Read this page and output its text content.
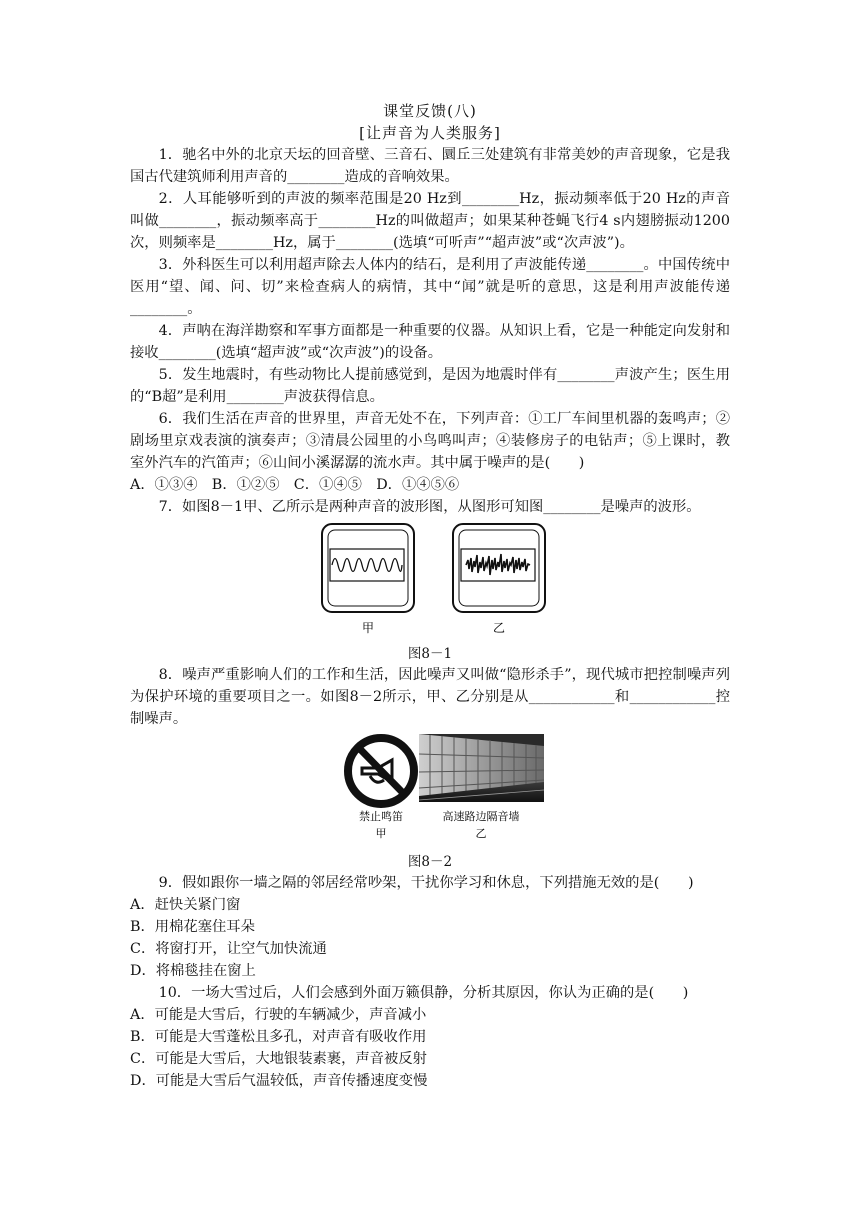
课堂反馈(八)
[让声音为人类服务]

1．驰名中外的北京天坛的回音壁、三音石、圜丘三处建筑有非常美妙的声音现象，它是我国古代建筑师利用声音的________造成的音响效果。

2．人耳能够听到的声波的频率范围是20 Hz到________Hz，振动频率低于20 Hz的声音叫做________，振动频率高于________Hz的叫做超声；如果某种苍蝇飞行4 s内翅膀振动1200次，则频率是________Hz，属于________(选填“可听声”“超声波”或“次声波”)。

3．外科医生可以利用超声除去人体内的结石，是利用了声波能传递________。中国传统中医用“望、闻、问、切”来检查病人的病情，其中“闻”就是听的意思，这是利用声波能传递________。

4．声呐在海洋勘察和军事方面都是一种重要的仪器。从知识上看，它是一种能定向发射和接收________(选填“超声波”或“次声波”)的设备。

5．发生地震时，有些动物比人提前感觉到，是因为地震时伴有________声波产生；医生用的“B超”是利用________声波获得信息。

6．我们生活在声音的世界里，声音无处不在，下列声音：①工厂车间里机器的轰鸣声；②剧场里京戏表演的演奏声；③清晨公园里的小鸟鸣叫声；④装修房子的电钻声；⑤上课时，教室外汽车的汽笛声；⑥山间小溪潺潺的流水声。其中属于噪声的是(　　)

A．①③④　B．①②⑤　C．①④⑤　D．①④⑤⑥

7．如图8－1甲、乙所示是两种声音的波形图，从图形可知图________是噪声的波形。

甲	乙
图8－1

8．噪声严重影响人们的工作和生活，因此噪声又叫做“隐形杀手”，现代城市把控制噪声列为保护环境的重要项目之一。如图8－2所示，甲、乙分别是从____________和____________控制噪声。

禁止鸣笛
甲
高速路边隔音墙
乙
图8－2

9．假如跟你一墙之隔的邻居经常吵架，干扰你学习和休息，下列措施无效的是(　　)

A．赶快关紧门窗

B．用棉花塞住耳朵

C．将窗打开，让空气加快流通

D．将棉毯挂在窗上

10．一场大雪过后，人们会感到外面万籁俱静，分析其原因，你认为正确的是(　　)

A．可能是大雪后，行驶的车辆减少，声音减小

B．可能是大雪蓬松且多孔，对声音有吸收作用

C．可能是大雪后，大地银装素裹，声音被反射

D．可能是大雪后气温较低，声音传播速度变慢
